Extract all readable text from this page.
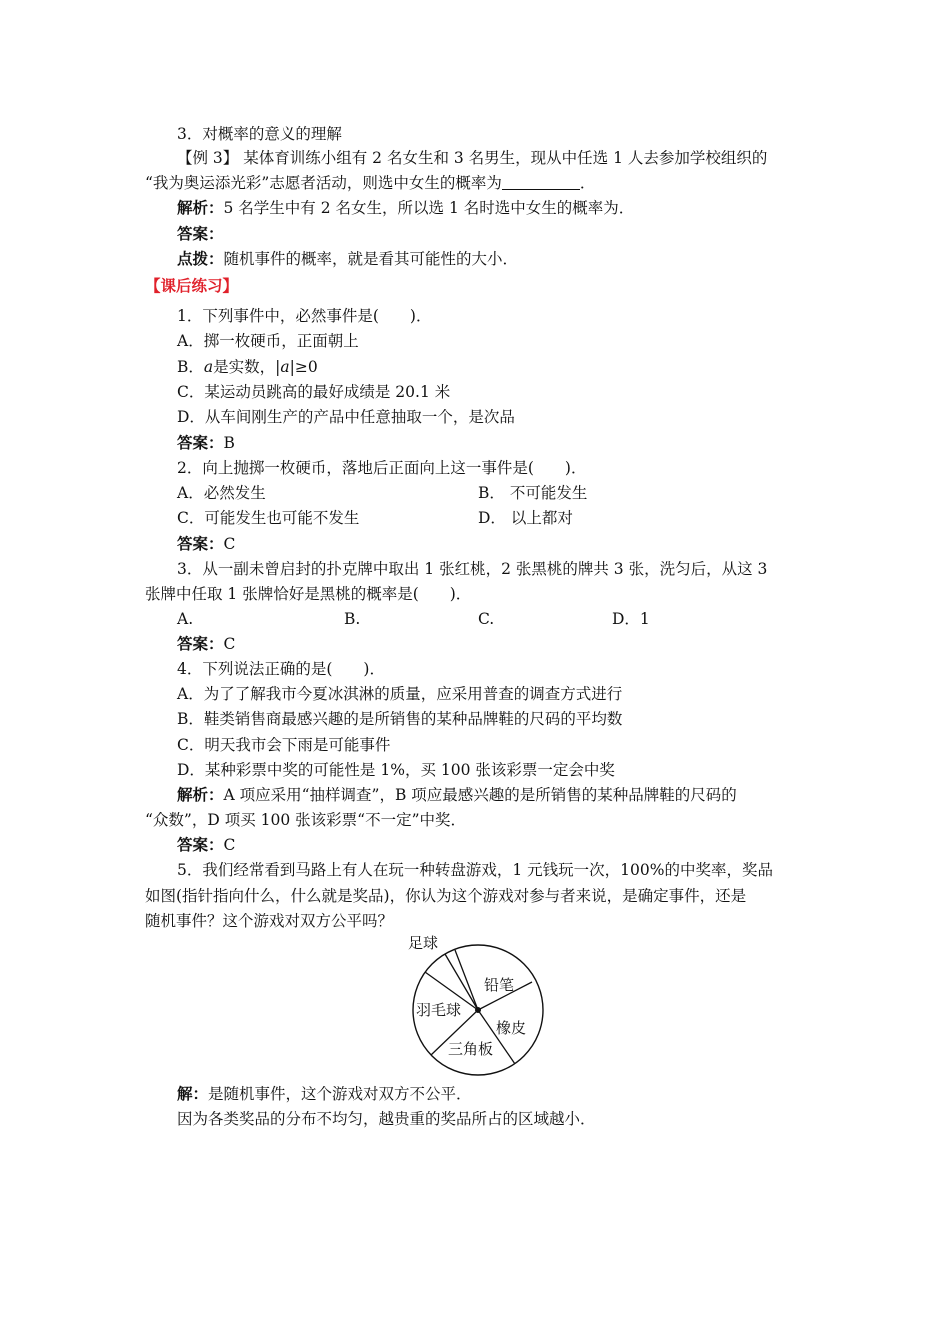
3．对概率的意义的理解
【例 3】 某体育训练小组有 2 名女生和 3 名男生，现从中任选 1 人去参加学校组织的
“我为奥运添光彩”志愿者活动，则选中女生的概率为	．
解析：5 名学生中有 2 名女生，所以选 1 名时选中女生的概率为．
答案：
点拨：随机事件的概率，就是看其可能性的大小．
【课后练习】
1．下列事件中，必然事件是(　　)．
A．掷一枚硬币，正面朝上
B．a是实数，|a|≥0
C．某运动员跳高的最好成绩是 20.1 米
D．从车间刚生产的产品中任意抽取一个，是次品
答案：B
2．向上抛掷一枚硬币，落地后正面向上这一事件是(　　)．
A．必然发生	B． 不可能发生
C．可能发生也可能不发生	D． 以上都对
答案：C
3．从一副未曾启封的扑克牌中取出 1 张红桃，2 张黑桃的牌共 3 张，洗匀后，从这 3
张牌中任取 1 张牌恰好是黑桃的概率是(　　)．
A.	B.	C.	D．1
答案：C
4．下列说法正确的是(　　)．
A．为了了解我市今夏冰淇淋的质量，应采用普查的调查方式进行
B．鞋类销售商最感兴趣的是所销售的某种品牌鞋的尺码的平均数
C．明天我市会下雨是可能事件
D．某种彩票中奖的可能性是 1%，买 100 张该彩票一定会中奖
解析：A 项应采用“抽样调查”，B 项应最感兴趣的是所销售的某种品牌鞋的尺码的
“众数”，D 项买 100 张该彩票“不一定”中奖．
答案：C
5．我们经常看到马路上有人在玩一种转盘游戏，1 元钱玩一次，100%的中奖率，奖品
如图(指针指向什么，什么就是奖品)，你认为这个游戏对参与者来说，是确定事件，还是
随机事件？这个游戏对双方公平吗？
足球
铅笔
羽毛球
橡皮
三角板
解：是随机事件，这个游戏对双方不公平．
因为各类奖品的分布不均匀，越贵重的奖品所占的区域越小．
